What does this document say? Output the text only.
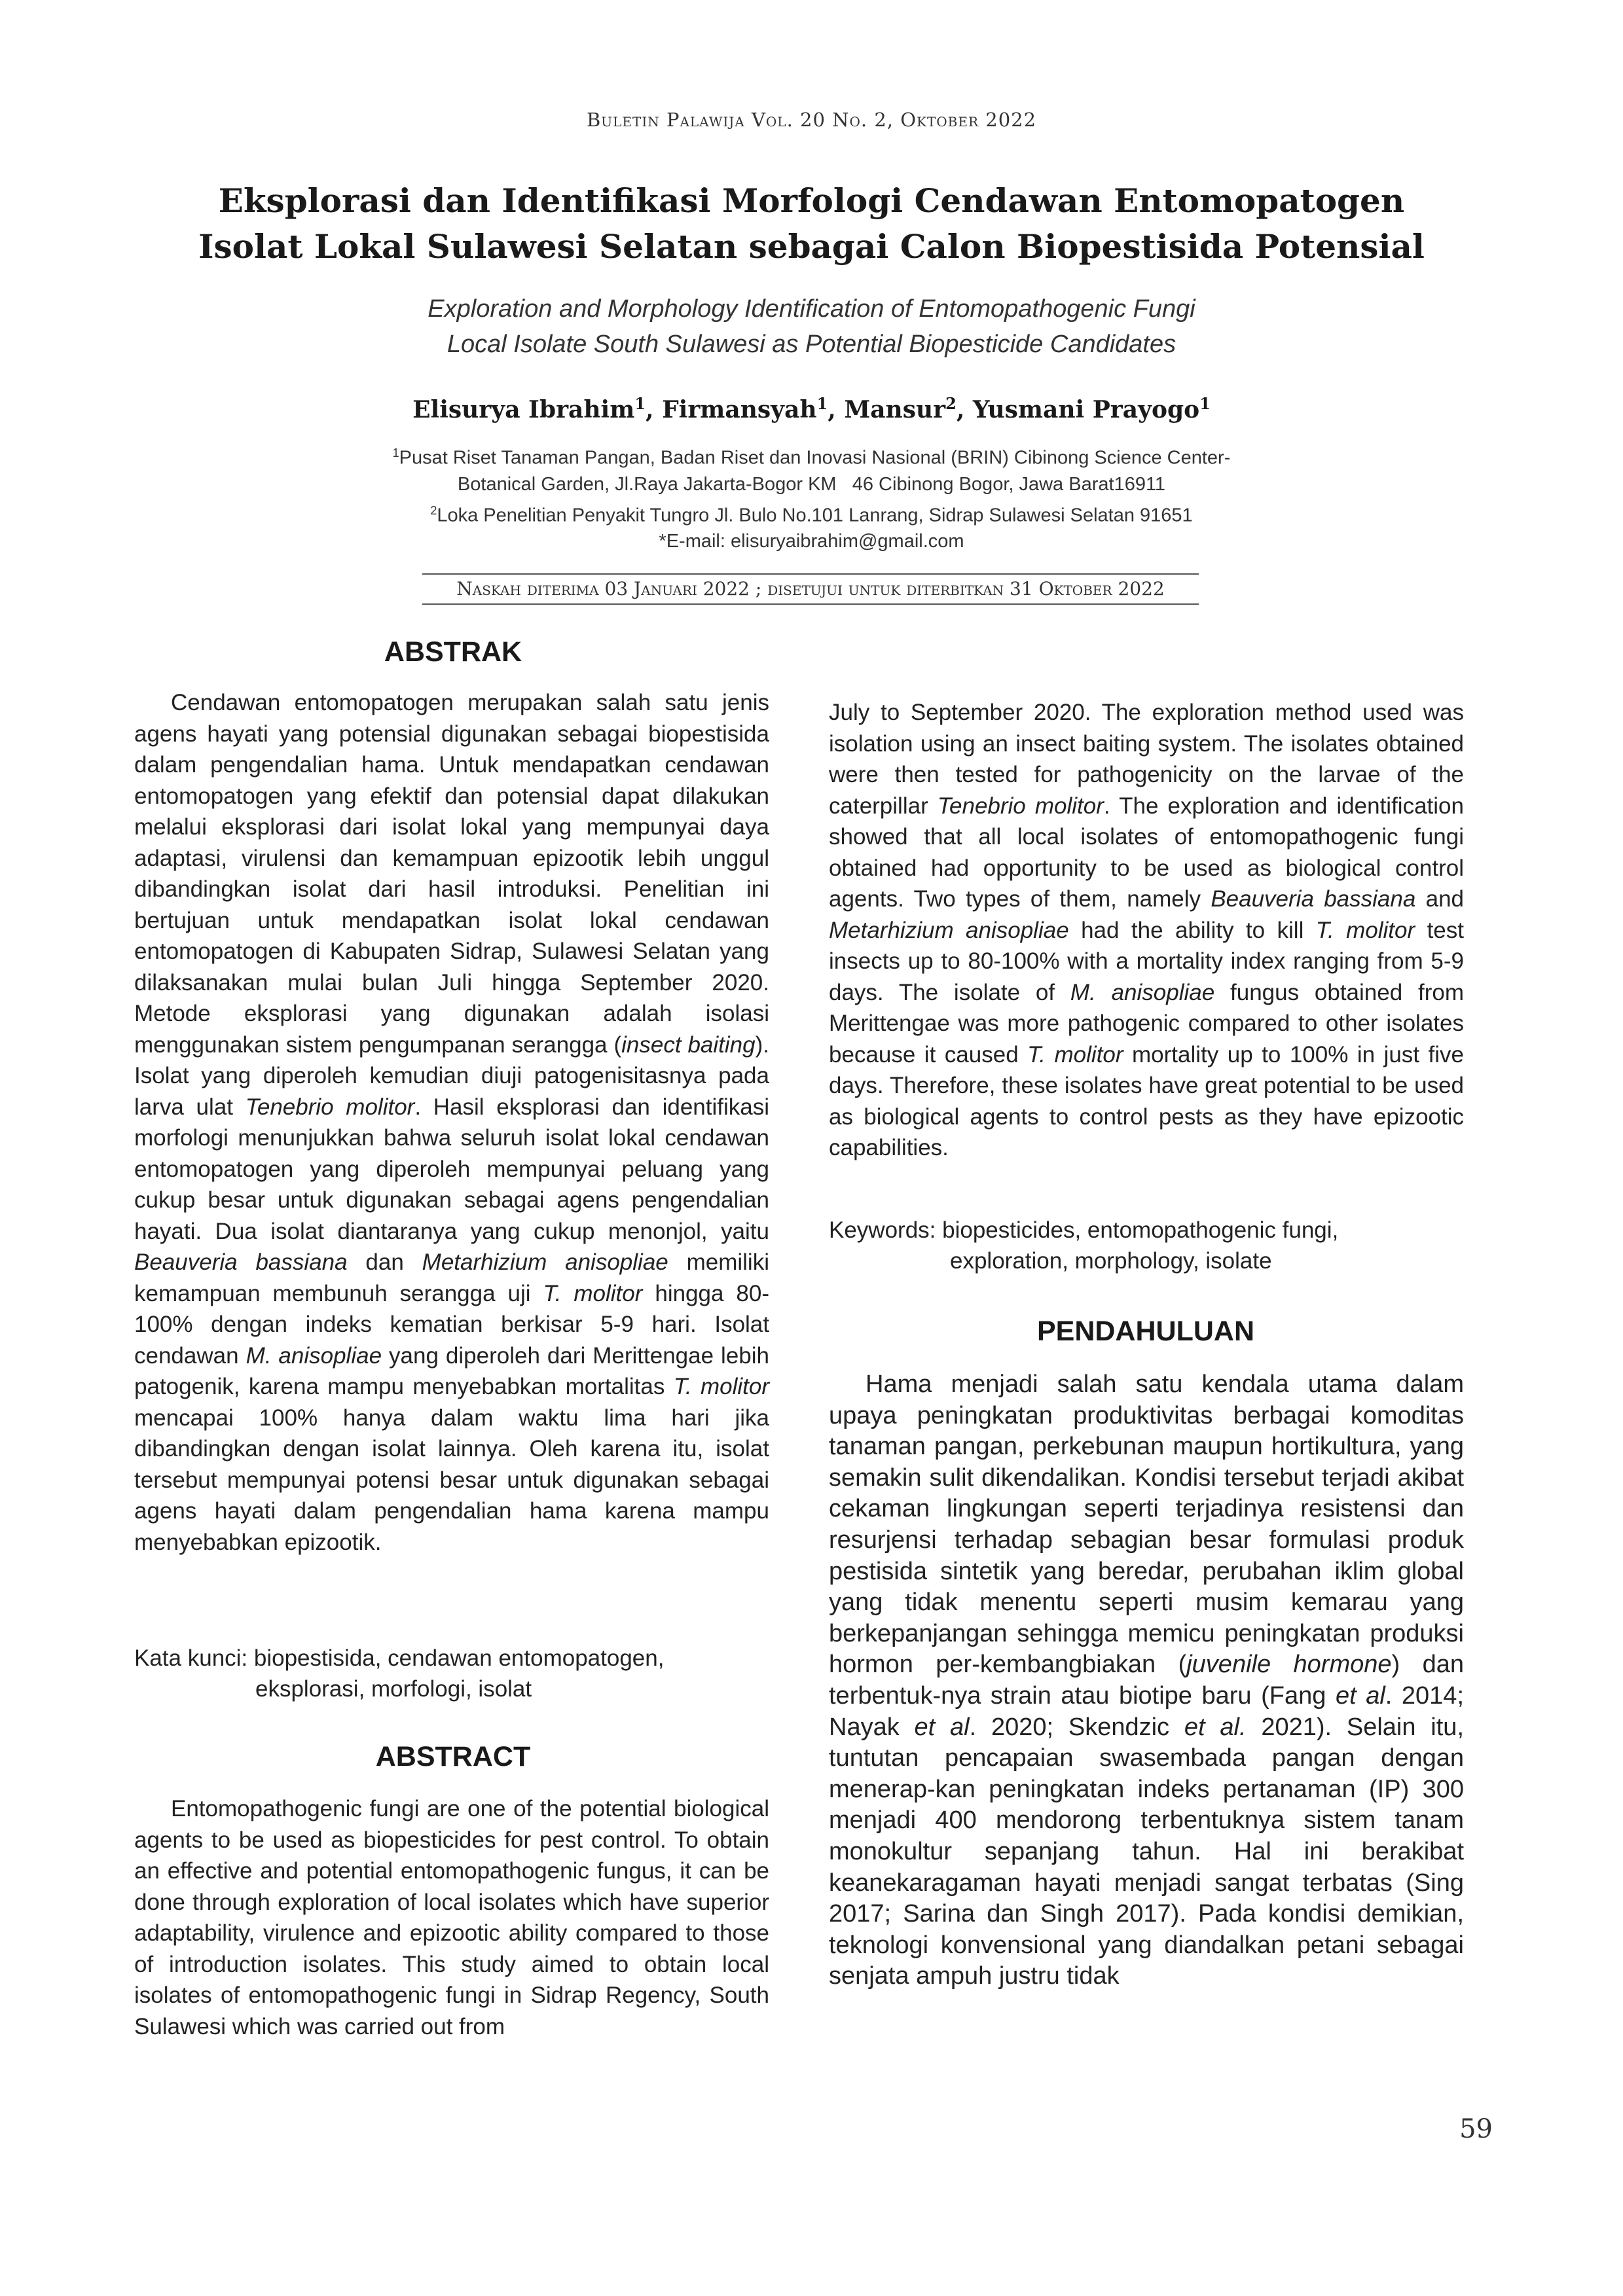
Buletin Palawija Vol. 20 No. 2, Oktober 2022
Eksplorasi dan Identifikasi Morfologi Cendawan Entomopatogen
Isolat Lokal Sulawesi Selatan sebagai Calon Biopestisida Potensial
Exploration and Morphology Identification of Entomopathogenic Fungi
Local Isolate South Sulawesi as Potential Biopesticide Candidates
Elisurya Ibrahim$^1$, Firmansyah$^1$, Mansur$^2$, Yusmani Prayogo$^1$
$^1$Pusat Riset Tanaman Pangan, Badan Riset dan Inovasi Nasional (BRIN) Cibinong Science Center-
Botanical Garden, Jl.Raya Jakarta-Bogor KM   46 Cibinong Bogor, Jawa Barat16911
$^2$Loka Penelitian Penyakit Tungro Jl. Bulo No.101 Lanrang, Sidrap Sulawesi Selatan 91651
*E-mail: elisuryaibrahim@gmail.com
Naskah diterima 03 Januari 2022 ; disetujui untuk diterbitkan 31 Oktober 2022
ABSTRAK

Cendawan entomopatogen merupakan salah satu jenis agens hayati yang potensial digunakan sebagai biopestisida dalam pengendalian hama. Untuk mendapatkan cendawan entomopatogen yang efektif dan potensial dapat dilakukan melalui eksplorasi dari isolat lokal yang mempunyai daya adaptasi, virulensi dan kemampuan epizootik lebih unggul dibandingkan isolat dari hasil introduksi. Penelitian ini bertujuan untuk mendapatkan isolat lokal cendawan entomopatogen di Kabupaten Sidrap, Sulawesi Selatan yang dilaksanakan mulai bulan Juli hingga September 2020. Metode eksplorasi yang digunakan adalah isolasi menggunakan sistem pengumpanan serangga (insect baiting). Isolat yang diperoleh kemudian diuji patogenisitasnya pada larva ulat Tenebrio molitor. Hasil eksplorasi dan identifikasi morfologi menunjukkan bahwa seluruh isolat lokal cendawan entomopatogen yang diperoleh mempunyai peluang yang cukup besar untuk digunakan sebagai agens pengendalian hayati. Dua isolat diantaranya yang cukup menonjol, yaitu Beauveria bassiana dan Metarhizium anisopliae memiliki kemampuan membunuh serangga uji T. molitor hingga 80-100% dengan indeks kematian berkisar 5-9 hari. Isolat cendawan M. anisopliae yang diperoleh dari Merittengae lebih patogenik, karena mampu menyebabkan mortalitas T. molitor mencapai 100% hanya dalam waktu lima hari jika dibandingkan dengan isolat lainnya. Oleh karena itu, isolat tersebut mempunyai potensi besar untuk digunakan sebagai agens hayati dalam pengendalian hama karena mampu menyebabkan epizootik.

Kata kunci: biopestisida, cendawan entomopatogen,
eksplorasi, morfologi, isolat
ABSTRACT

Entomopathogenic fungi are one of the potential biological agents to be used as biopesticides for pest control. To obtain an effective and potential entomopathogenic fungus, it can be done through exploration of local isolates which have superior adaptability, virulence and epizootic ability compared to those of introduction isolates. This study aimed to obtain local isolates of entomopathogenic fungi in Sidrap Regency, South Sulawesi which was carried out from

July to September 2020. The exploration method used was isolation using an insect baiting system. The isolates obtained were then tested for pathogenicity on the larvae of the caterpillar Tenebrio molitor. The exploration and identification showed that all local isolates of entomopathogenic fungi obtained had opportunity to be used as biological control agents. Two types of them, namely Beauveria bassiana and Metarhizium anisopliae had the ability to kill T. molitor test insects up to 80-100% with a mortality index ranging from 5-9 days. The isolate of M. anisopliae fungus obtained from Merittengae was more pathogenic compared to other isolates because it caused T. molitor mortality up to 100% in just five days. Therefore, these isolates have great potential to be used as biological agents to control pests as they have epizootic capabilities.

Keywords: biopesticides, entomopathogenic fungi,
exploration, morphology, isolate
PENDAHULUAN

Hama menjadi salah satu kendala utama dalam upaya peningkatan produktivitas berbagai komoditas tanaman pangan, perkebunan maupun hortikultura, yang semakin sulit dikendalikan. Kondisi tersebut terjadi akibat cekaman lingkungan seperti terjadinya resistensi dan resurjensi terhadap sebagian besar formulasi produk pestisida sintetik yang beredar, perubahan iklim global yang tidak menentu seperti musim kemarau yang berkepanjangan sehingga memicu peningkatan produksi hormon per-kembangbiakan (juvenile hormone) dan terbentuk-nya strain atau biotipe baru (Fang et al. 2014; Nayak et al. 2020; Skendzic et al. 2021). Selain itu, tuntutan pencapaian swasembada pangan dengan menerap-kan peningkatan indeks pertanaman (IP) 300 menjadi 400 mendorong terbentuknya sistem tanam monokultur sepanjang tahun. Hal ini berakibat keanekaragaman hayati menjadi sangat terbatas (Sing 2017; Sarina dan Singh 2017). Pada kondisi demikian, teknologi konvensional yang diandalkan petani sebagai senjata ampuh justru tidak

59
